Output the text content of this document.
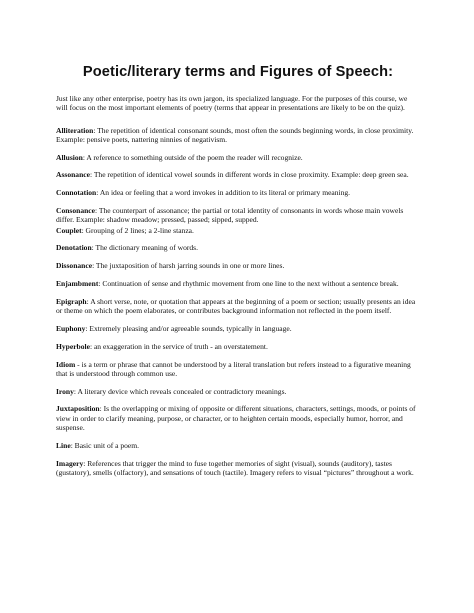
Poetic/literary terms and Figures of Speech:

Just like any other enterprise, poetry has its own jargon, its specialized language. For the purposes of this course, we will focus on the most important elements of poetry (terms that appear in presentations are likely to be on the quiz).

Alliteration: The repetition of identical consonant sounds, most often the sounds beginning words, in close proximity. Example: pensive poets, nattering ninnies of negativism.

Allusion: A reference to something outside of the poem the reader will recognize.

Assonance: The repetition of identical vowel sounds in different words in close proximity. Example: deep green sea.

Connotation: An idea or feeling that a word invokes in addition to its literal or primary meaning.

Consonance: The counterpart of assonance; the partial or total identity of consonants in words whose main vowels differ. Example: shadow meadow; pressed, passed; sipped, supped.

Couplet: Grouping of 2 lines; a 2-line stanza.

Denotation: The dictionary meaning of words.

Dissonance: The juxtaposition of harsh jarring sounds in one or more lines.

Enjambment: Continuation of sense and rhythmic movement from one line to the next without a sentence break.

Epigraph: A short verse, note, or quotation that appears at the beginning of a poem or section; usually presents an idea or theme on which the poem elaborates, or contributes background information not reflected in the poem itself.

Euphony: Extremely pleasing and/or agreeable sounds, typically in language.

Hyperbole: an exaggeration in the service of truth - an overstatement.

Idiom - is a term or phrase that cannot be understood by a literal translation but refers instead to a figurative meaning that is understood through common use.

Irony: A literary device which reveals concealed or contradictory meanings.

Juxtaposition: Is the overlapping or mixing of opposite or different situations, characters, settings, moods, or points of view in order to clarify meaning, purpose, or character, or to heighten certain moods, especially humor, horror, and suspense.

Line: Basic unit of a poem.

Imagery: References that trigger the mind to fuse together memories of sight (visual), sounds (auditory), tastes (gustatory), smells (olfactory), and sensations of touch (tactile). Imagery refers to visual “pictures” throughout a work.
